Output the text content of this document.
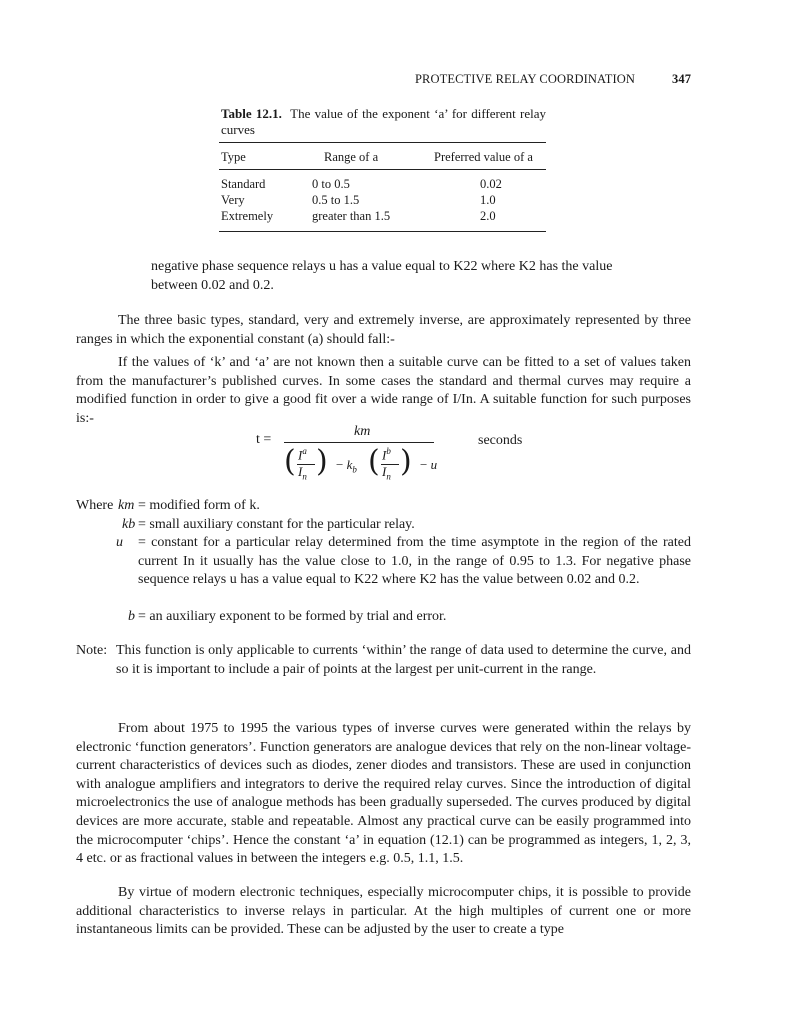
PROTECTIVE RELAY COORDINATION	347
Table 12.1. The value of the exponent ‘a’ for different relay curves
Type	Range of a	Preferred value of a
Standard	0 to 0.5	0.02
Very	0.5 to 1.5	1.0
Extremely	greater than 1.5	2.0
negative phase sequence relays u has a value equal to K22 where K2 has the value
between 0.02 and 0.2.
The three basic types, standard, very and extremely inverse, are approximately represented by three ranges in which the exponential constant (a) should fall:-
If the values of ‘k’ and ‘a’ are not known then a suitable curve can be fitted to a set of values taken from the manufacturer’s published curves. In some cases the standard and thermal curves may require a modified function in order to give a good fit over a wide range of I/In. A suitable function for such purposes is:-
t =
km
( $I^a$
$I_n$ ) − $k_b$ ( $I^b$
$I_n$ ) − u
seconds
Where km = modified form of k.
kb = small auxiliary constant for the particular relay.
u = constant for a particular relay determined from the time asymptote in the region of the rated current In it usually has the value close to 1.0, in the range of 0.95 to 1.3. For negative phase sequence relays u has a value equal to K22 where K2 has the value between 0.02 and 0.2.
b = an auxiliary exponent to be formed by trial and error.
Note: This function is only applicable to currents ‘within’ the range of data used to determine the curve, and so it is important to include a pair of points at the largest per unit-current in the range.
From about 1975 to 1995 the various types of inverse curves were generated within the relays by electronic ‘function generators’. Function generators are analogue devices that rely on the non-linear voltage-current characteristics of devices such as diodes, zener diodes and transistors. These are used in conjunction with analogue amplifiers and integrators to derive the required relay curves. Since the introduction of digital microelectronics the use of analogue methods has been gradually superseded. The curves produced by digital devices are more accurate, stable and repeatable. Almost any practical curve can be easily programmed into the microcomputer ‘chips’. Hence the constant ‘a’ in equation (12.1) can be programmed as integers, 1, 2, 3, 4 etc. or as fractional values in between the integers e.g. 0.5, 1.1, 1.5.
By virtue of modern electronic techniques, especially microcomputer chips, it is possible to provide additional characteristics to inverse relays in particular. At the high multiples of current one or more instantaneous limits can be provided. These can be adjusted by the user to create a type
